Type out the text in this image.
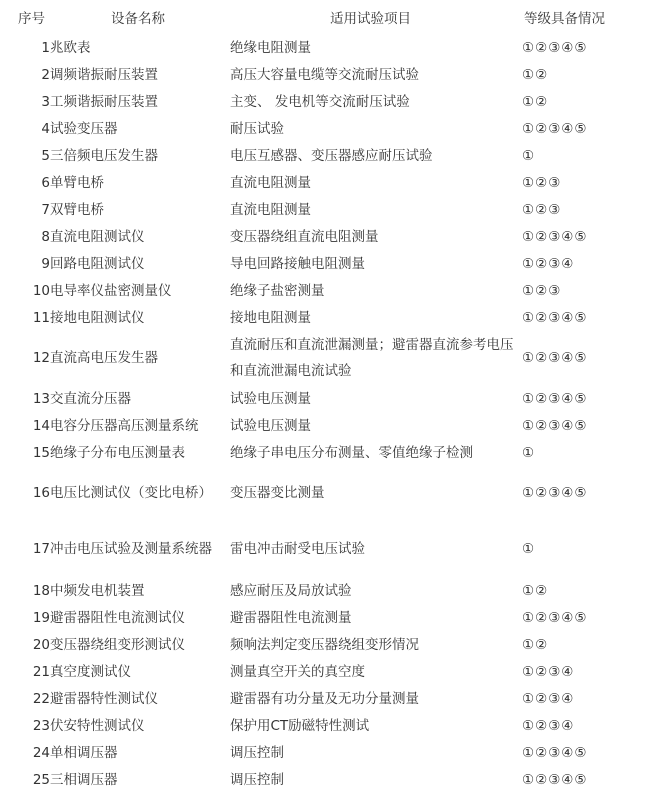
序号	设备名称	适用试验项目	等级具备情况
1	兆欧表	绝缘电阻测量	①②③④⑤
2	调频谐振耐压装置	高压大容量电缆等交流耐压试验	①②
3	工频谐振耐压装置	主变、 发电机等交流耐压试验	①②
4	试验变压器	耐压试验	①②③④⑤
5	三倍频电压发生器	电压互感器、变压器感应耐压试验	①
6	单臂电桥	直流电阻测量	①②③
7	双臂电桥	直流电阻测量	①②③
8	直流电阻测试仪	变压器绕组直流电阻测量	①②③④⑤
9	回路电阻测试仪	导电回路接触电阻测量	①②③④
10	电导率仪盐密测量仪	绝缘子盐密测量	①②③
11	接地电阻测试仪	接地电阻测量	①②③④⑤
12	直流高电压发生器	直流耐压和直流泄漏测量；避雷器直流参考电压和直流泄漏电流试验	①②③④⑤
13	交直流分压器	试验电压测量	①②③④⑤
14	电容分压器高压测量系统	试验电压测量	①②③④⑤
15	绝缘子分布电压测量表	绝缘子串电压分布测量、零值绝缘子检测	①
16	电压比测试仪（变比电桥）	变压器变比测量	①②③④⑤
17	冲击电压试验及测量系统器	雷电冲击耐受电压试验	①
18	中频发电机装置	感应耐压及局放试验	①②
19	避雷器阻性电流测试仪	避雷器阻性电流测量	①②③④⑤
20	变压器绕组变形测试仪	频响法判定变压器绕组变形情况	①②
21	真空度测试仪	测量真空开关的真空度	①②③④
22	避雷器特性测试仪	避雷器有功分量及无功分量测量	①②③④
23	伏安特性测试仪	保护用CT励磁特性测试	①②③④
24	单相调压器	调压控制	①②③④⑤
25	三相调压器	调压控制	①②③④⑤
